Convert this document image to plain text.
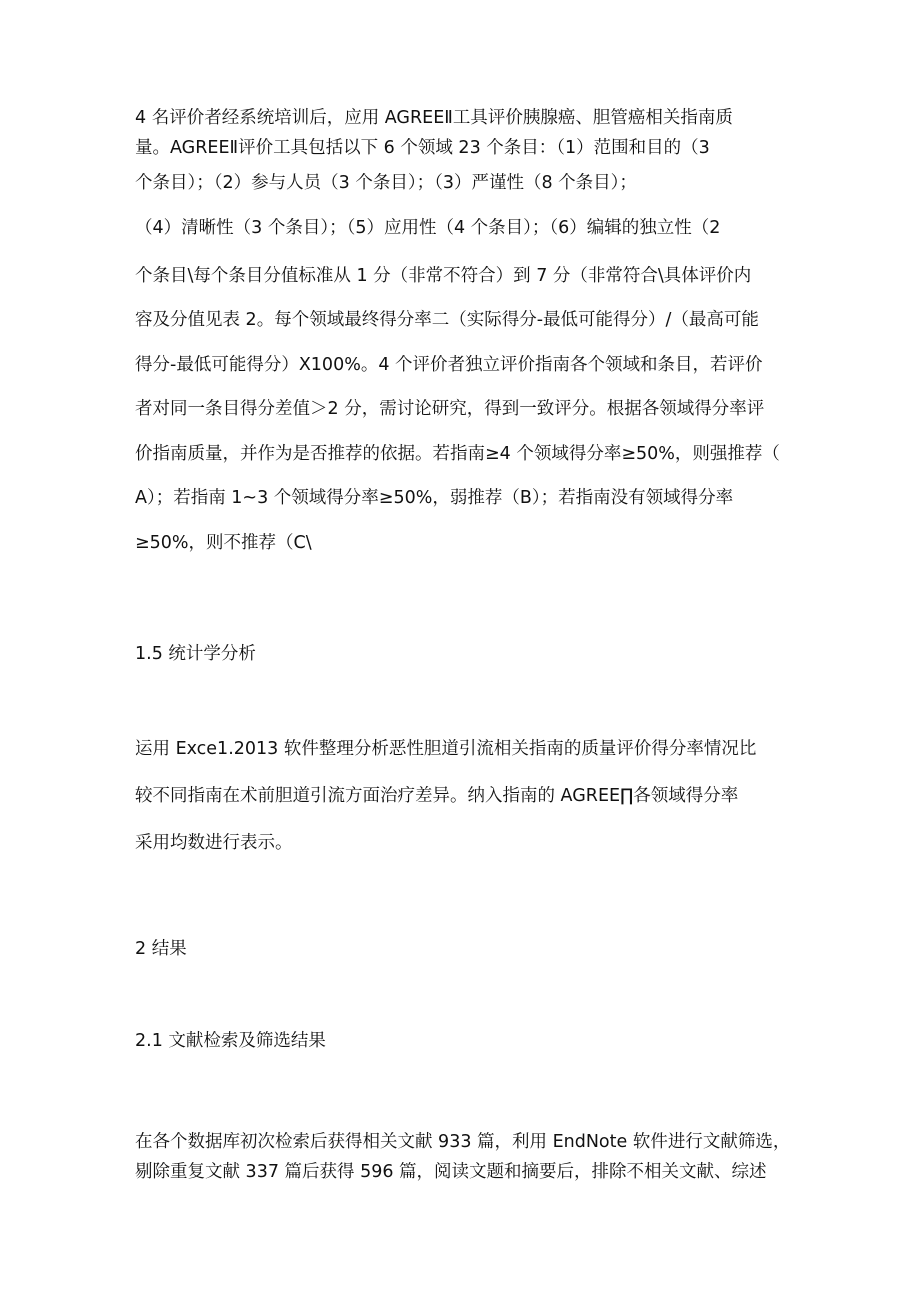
4 名评价者经系统培训后，应用 AGREEⅡ工具评价胰腺癌、胆管癌相关指南质
量。AGREEⅡ评价工具包括以下 6 个领域 23 个条目：（1）范围和目的（3
个条目）；（2）参与人员（3 个条目）；（3）严谨性（8 个条目）；
（4）清晰性（3 个条目）；（5）应用性（4 个条目）；（6）编辑的独立性（2
个条目\每个条目分值标准从 1 分（非常不符合）到 7 分（非常符合\具体评价内
容及分值见表 2。每个领域最终得分率二（实际得分-最低可能得分）/（最高可能
得分-最低可能得分）X100%。4 个评价者独立评价指南各个领域和条目，若评价
者对同一条目得分差值＞2 分，需讨论研究，得到一致评分。根据各领域得分率评
价指南质量，并作为是否推荐的依据。若指南≥4 个领域得分率≥50%，则强推荐（
A）；若指南 1~3 个领域得分率≥50%，弱推荐（B）；若指南没有领域得分率
≥50%，则不推荐（C\
1.5 统计学分析
运用 Exce1.2013 软件整理分析恶性胆道引流相关指南的质量评价得分率情况比
较不同指南在术前胆道引流方面治疗差异。纳入指南的 AGREE∏各领域得分率
采用均数进行表示。
2 结果
2.1 文献检索及筛选结果
在各个数据库初次检索后获得相关文献 933 篇，利用 EndNote 软件进行文献筛选，
剔除重复文献 337 篇后获得 596 篇，阅读文题和摘要后，排除不相关文献、综述
